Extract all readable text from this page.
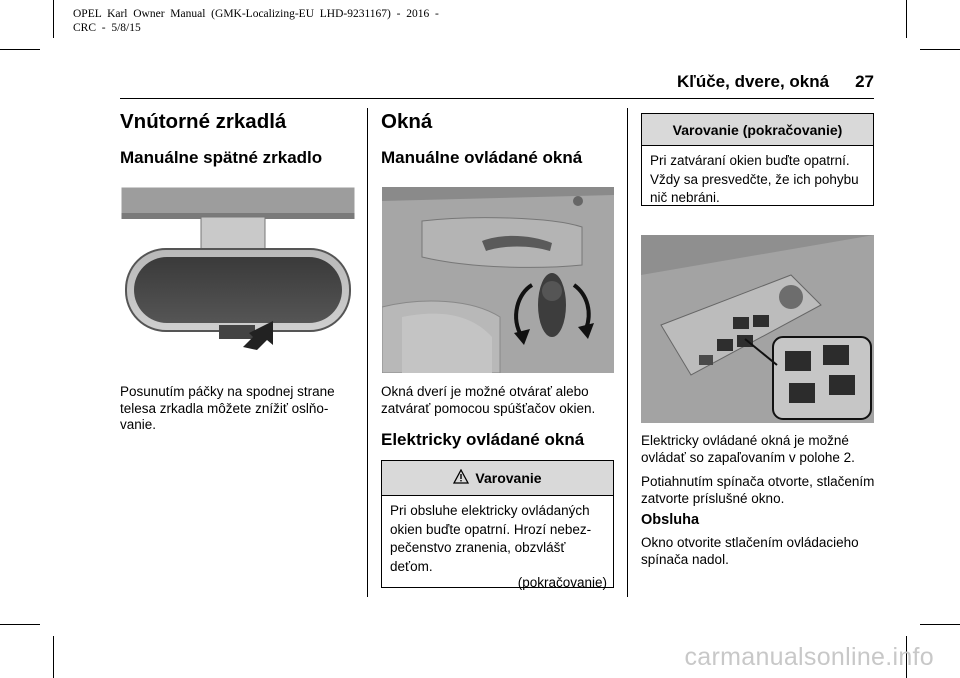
OPEL  Karl  Owner  Manual  (GMK-Localizing-EU  LHD-9231167)  -  2016  -
CRC  -  5/8/15
Kľúče, dvere, okná 27
Vnútorné zrkadlá
Manuálne spätné zrkadlo
Posunutím páčky na spodnej strane telesa zrkadla môžete znížiť oslňo-vanie.
Okná
Manuálne ovládané okná
Okná dverí je možné otvárať alebo zatvárať pomocou spúšťačov okien.
Elektricky ovládané okná
Varovanie
Pri obsluhe elektricky ovládaných okien buďte opatrní. Hrozí nebez-pečenstvo zranenia, obzvlášť deťom.
(pokračovanie)
Varovanie (pokračovanie)
Pri zatváraní okien buďte opatrní. Vždy sa presvedčte, že ich pohybu nič nebráni.
Elektricky ovládané okná je možné ovládať so zapaľovaním v polohe 2.
Potiahnutím spínača otvorte, stlačením zatvorte príslušné okno.
Obsluha
Okno otvorite stlačením ovládacieho spínača nadol.
carmanualsonline.info
